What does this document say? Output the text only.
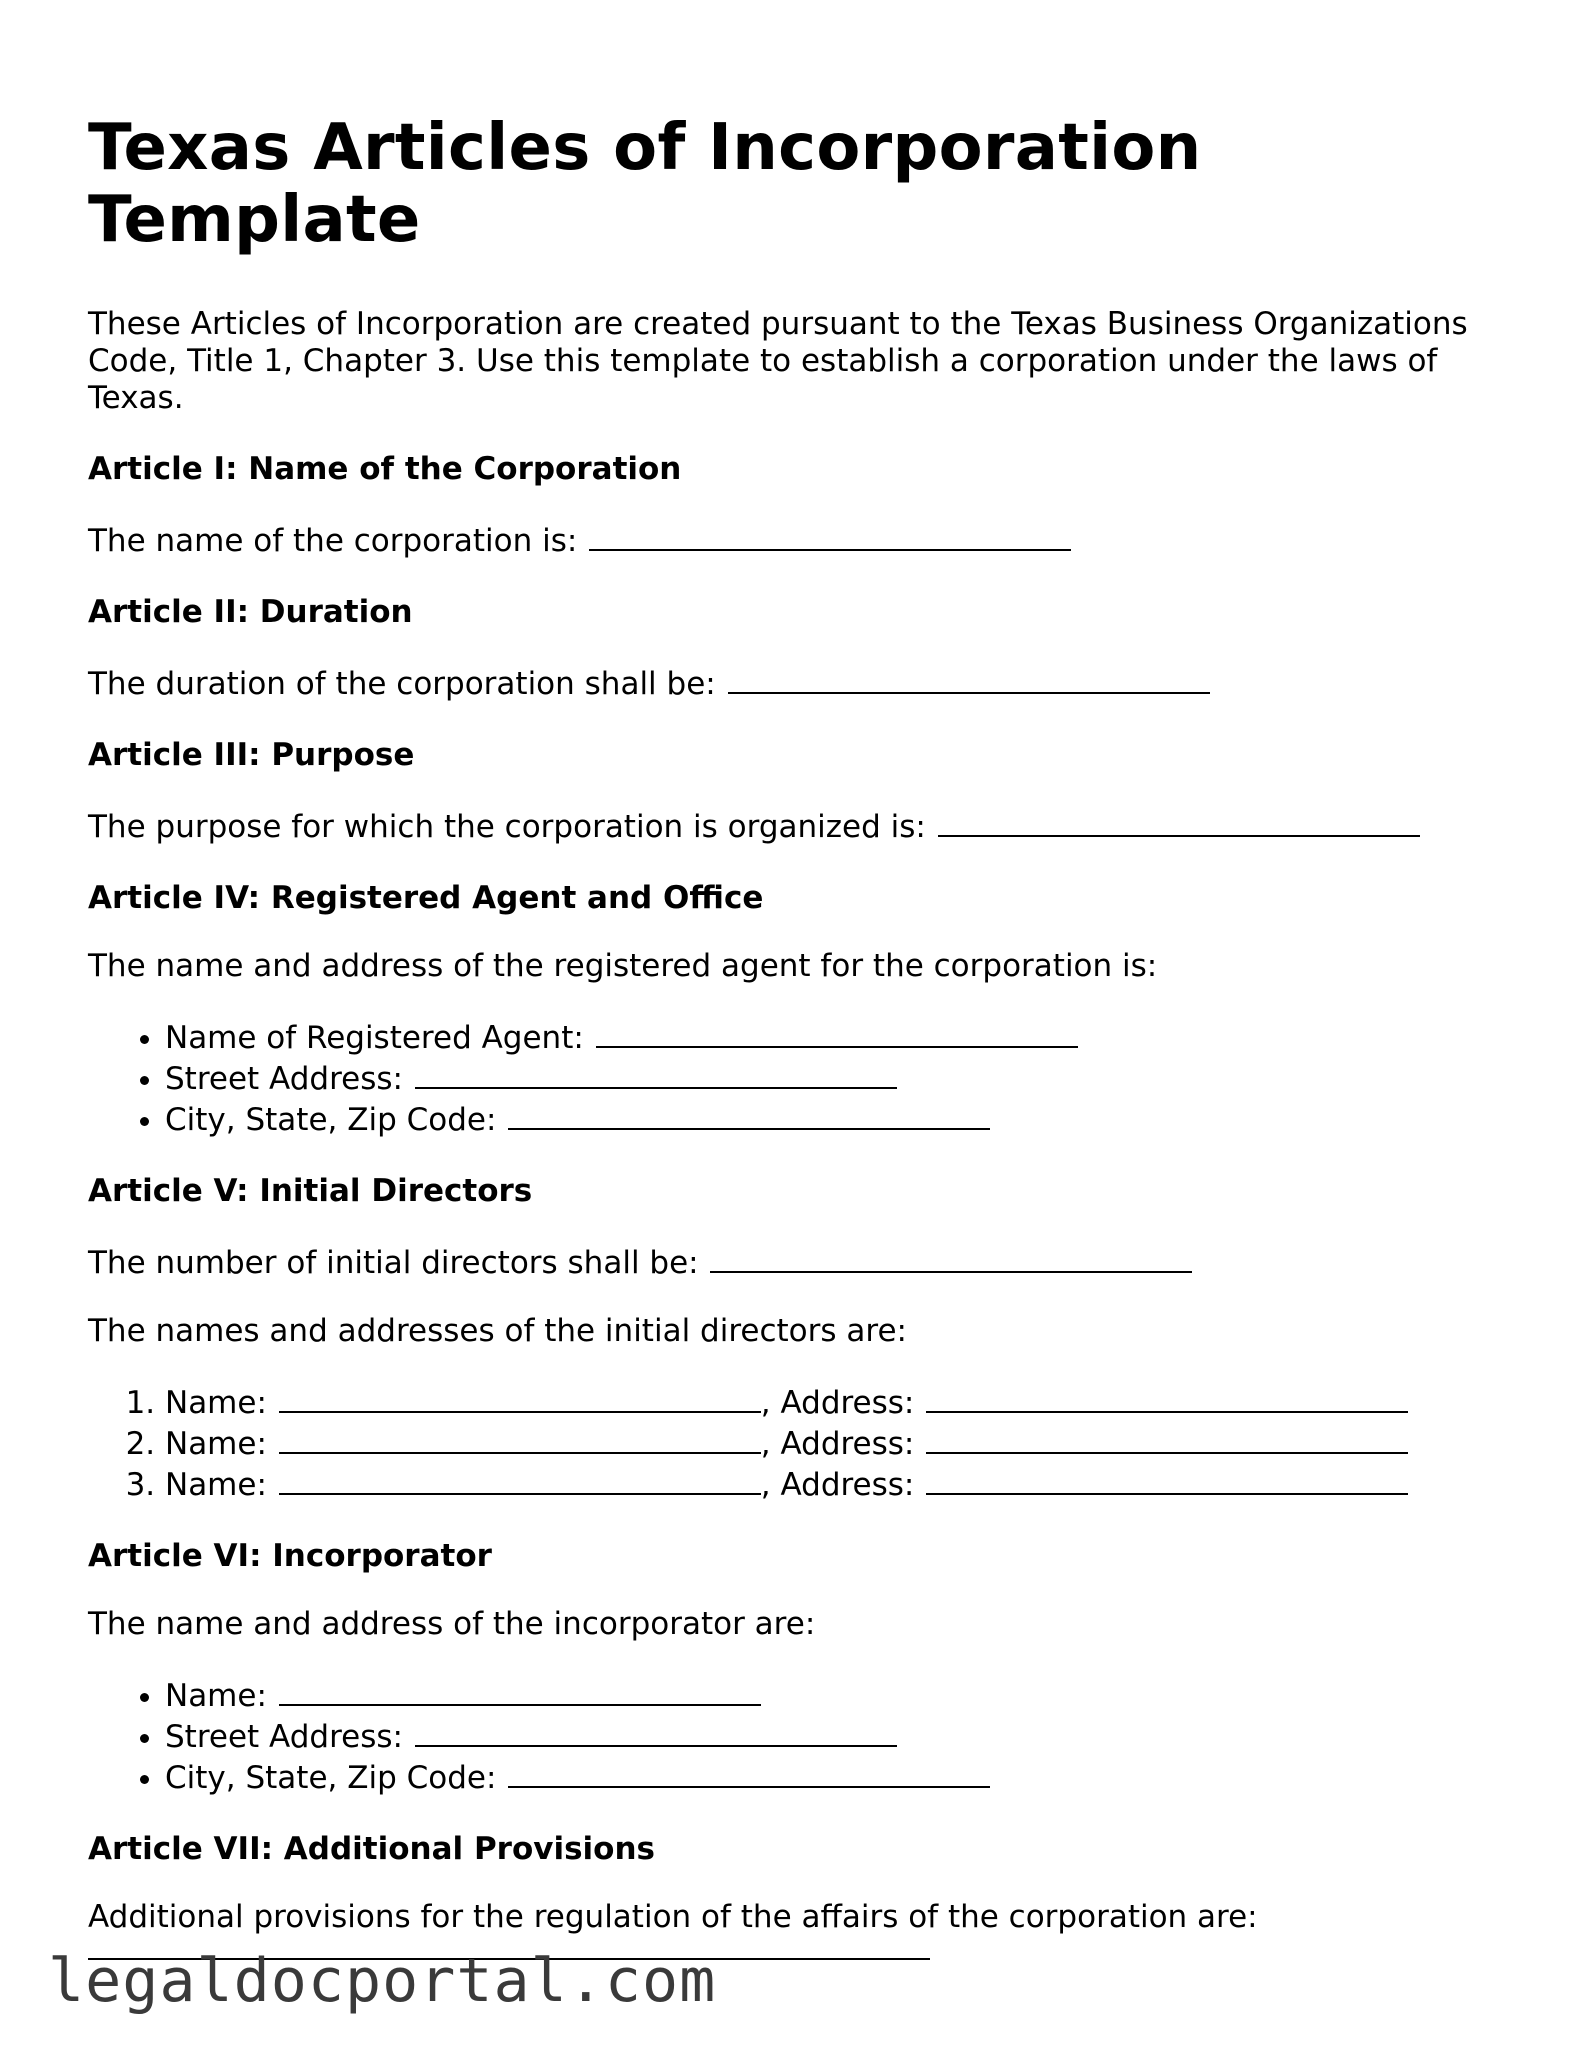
Texas Articles of Incorporation Template

These Articles of Incorporation are created pursuant to the Texas Business Organizations Code, Title 1, Chapter 3. Use this template to establish a corporation under the laws of Texas.

Article I: Name of the Corporation

The name of the corporation is:

Article II: Duration

The duration of the corporation shall be:

Article III: Purpose

The purpose for which the corporation is organized is:

Article IV: Registered Agent and Office

The name and address of the registered agent for the corporation is:

• Name of Registered Agent:
• Street Address:
• City, State, Zip Code:
Article V: Initial Directors

The number of initial directors shall be:

The names and addresses of the initial directors are:

1. Name:	, Address:
2. Name:	, Address:
3. Name:	, Address:
Article VI: Incorporator

The name and address of the incorporator are:

• Name:
• Street Address:
• City, State, Zip Code:
Article VII: Additional Provisions

Additional provisions for the regulation of the affairs of the corporation are:

legaldocportal.com
